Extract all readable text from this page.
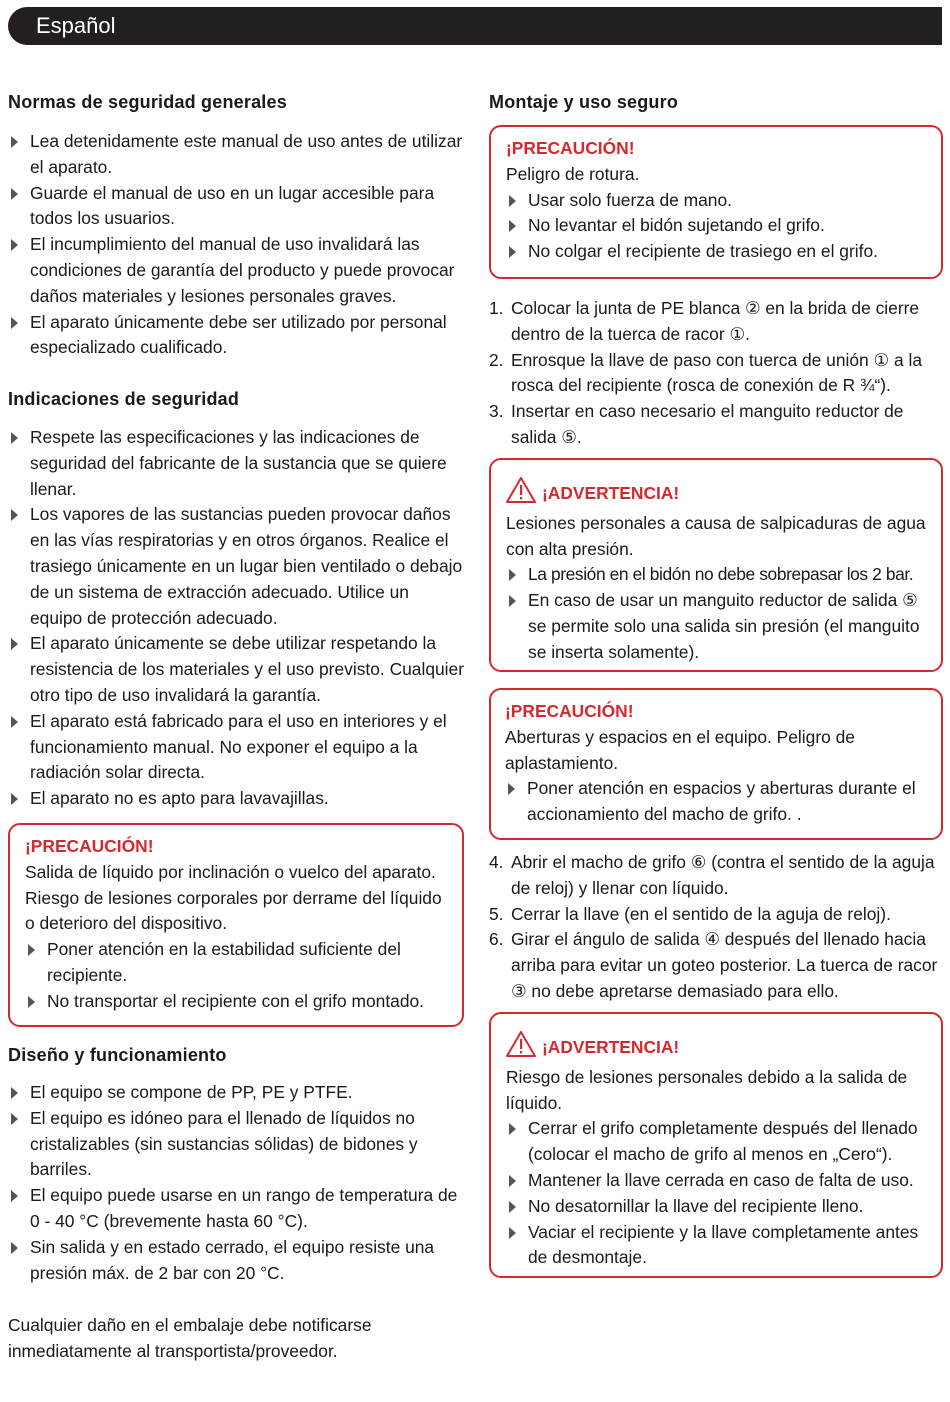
Español
Normas de seguridad generales
Lea detenidamente este manual de uso antes de utilizar el aparato.
Guarde el manual de uso en un lugar accesible para todos los usuarios.
El incumplimiento del manual de uso invalidará las condiciones de garantía del producto y puede provocar daños materiales y lesiones personales graves.
El aparato únicamente debe ser utilizado por personal especializado cualificado.
Indicaciones de seguridad
Respete las especificaciones y las indicaciones de seguridad del fabricante de la sustancia que se quiere llenar.
Los vapores de las sustancias pueden provocar daños en las vías respiratorias y en otros órganos. Realice el trasiego únicamente en un lugar bien ventilado o debajo de un sistema de extracción adecuado. Utilice un equipo de protección adecuado.
El aparato únicamente se debe utilizar respetando la resistencia de los materiales y el uso previsto. Cualquier otro tipo de uso invalidará la garantía.
El aparato está fabricado para el uso en interiores y el funcionamiento manual. No exponer el equipo a la radiación solar directa.
El aparato no es apto para lavavajillas.
¡PRECAUCIÓN!
Salida de líquido por inclinación o vuelco del aparato. Riesgo de lesiones corporales por derrame del líquido o deterioro del dispositivo.
Poner atención en la estabilidad suficiente del recipiente.
No transportar el recipiente con el grifo montado.
Diseño y funcionamiento
El equipo se compone de PP, PE y PTFE.
El equipo es idóneo para el llenado de líquidos no cristalizables (sin sustancias sólidas) de bidones y barriles.
El equipo puede usarse en un rango de temperatura de 0 - 40 °C (brevemente hasta 60 °C).
Sin salida y en estado cerrado, el equipo resiste una presión máx. de 2 bar con 20 °C.
Cualquier daño en el embalaje debe notificarse inmediatamente al transportista/proveedor.
Montaje y uso seguro
¡PRECAUCIÓN!
Peligro de rotura.
Usar solo fuerza de mano.
No levantar el bidón sujetando el grifo.
No colgar el recipiente de trasiego en el grifo.
1. Colocar la junta de PE blanca ② en la brida de cierre dentro de la tuerca de racor ①.
2. Enrosque la llave de paso con tuerca de unión ① a la rosca del recipiente (rosca de conexión de R ¾“).
3. Insertar en caso necesario el manguito reductor de salida ⑤.
¡ADVERTENCIA!
Lesiones personales a causa de salpicaduras de agua con alta presión.
La presión en el bidón no debe sobrepasar los 2 bar.
En caso de usar un manguito reductor de salida ⑤ se permite solo una salida sin presión (el manguito se inserta solamente).
¡PRECAUCIÓN!
Aberturas y espacios en el equipo. Peligro de aplastamiento.
Poner atención en espacios y aberturas durante el accionamiento del macho de grifo. .
4. Abrir el macho de grifo ⑥ (contra el sentido de la aguja de reloj) y llenar con líquido.
5. Cerrar la llave (en el sentido de la aguja de reloj).
6. Girar el ángulo de salida ④ después del llenado hacia arriba para evitar un goteo posterior. La tuerca de racor ③ no debe apretarse demasiado para ello.
¡ADVERTENCIA!
Riesgo de lesiones personales debido a la salida de líquido.
Cerrar el grifo completamente después del llenado (colocar el macho de grifo al menos en „Cero“).
Mantener la llave cerrada en caso de falta de uso.
No desatornillar la llave del recipiente lleno.
Vaciar el recipiente y la llave completamente antes de desmontaje.
